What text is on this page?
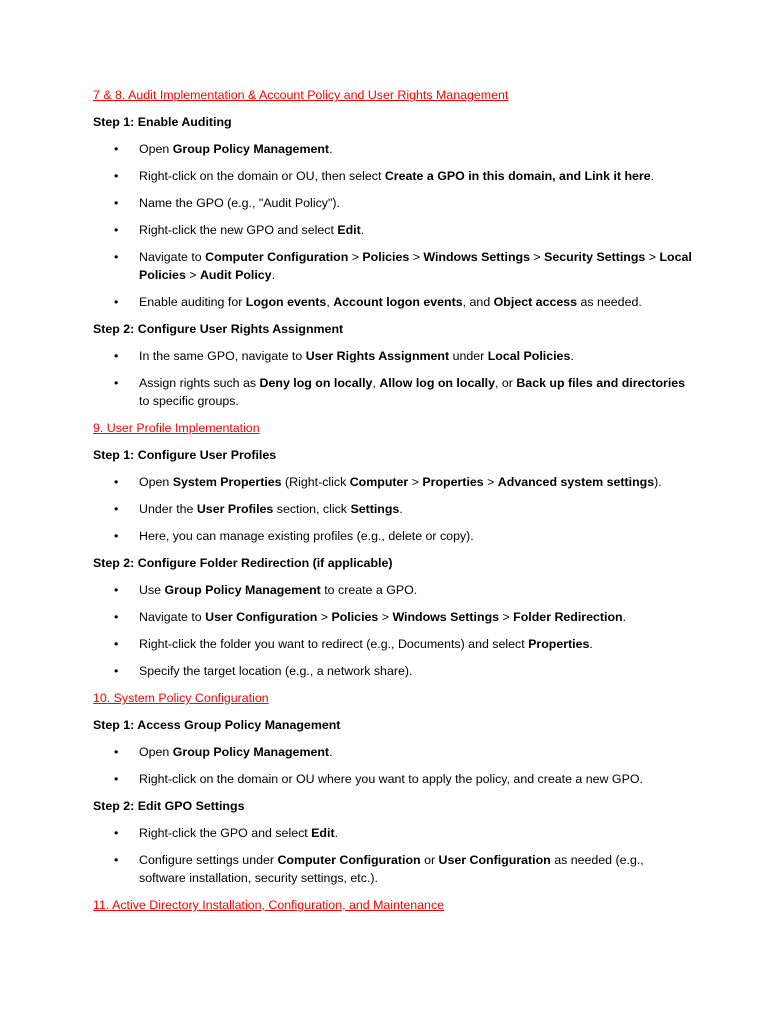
7 & 8. Audit Implementation & Account Policy and User Rights Management
Step 1: Enable Auditing
• Open Group Policy Management.
• Right-click on the domain or OU, then select Create a GPO in this domain, and Link it here.
• Name the GPO (e.g., "Audit Policy").
• Right-click the new GPO and select Edit.
• Navigate to Computer Configuration > Policies > Windows Settings > Security Settings > Local Policies > Audit Policy.
• Enable auditing for Logon events, Account logon events, and Object access as needed.
Step 2: Configure User Rights Assignment
• In the same GPO, navigate to User Rights Assignment under Local Policies.
• Assign rights such as Deny log on locally, Allow log on locally, or Back up files and directories to specific groups.
9. User Profile Implementation
Step 1: Configure User Profiles
• Open System Properties (Right-click Computer > Properties > Advanced system settings).
• Under the User Profiles section, click Settings.
• Here, you can manage existing profiles (e.g., delete or copy).
Step 2: Configure Folder Redirection (if applicable)
• Use Group Policy Management to create a GPO.
• Navigate to User Configuration > Policies > Windows Settings > Folder Redirection.
• Right-click the folder you want to redirect (e.g., Documents) and select Properties.
• Specify the target location (e.g., a network share).
10. System Policy Configuration
Step 1: Access Group Policy Management
• Open Group Policy Management.
• Right-click on the domain or OU where you want to apply the policy, and create a new GPO.
Step 2: Edit GPO Settings
• Right-click the GPO and select Edit.
• Configure settings under Computer Configuration or User Configuration as needed (e.g., software installation, security settings, etc.).
11. Active Directory Installation, Configuration, and Maintenance
